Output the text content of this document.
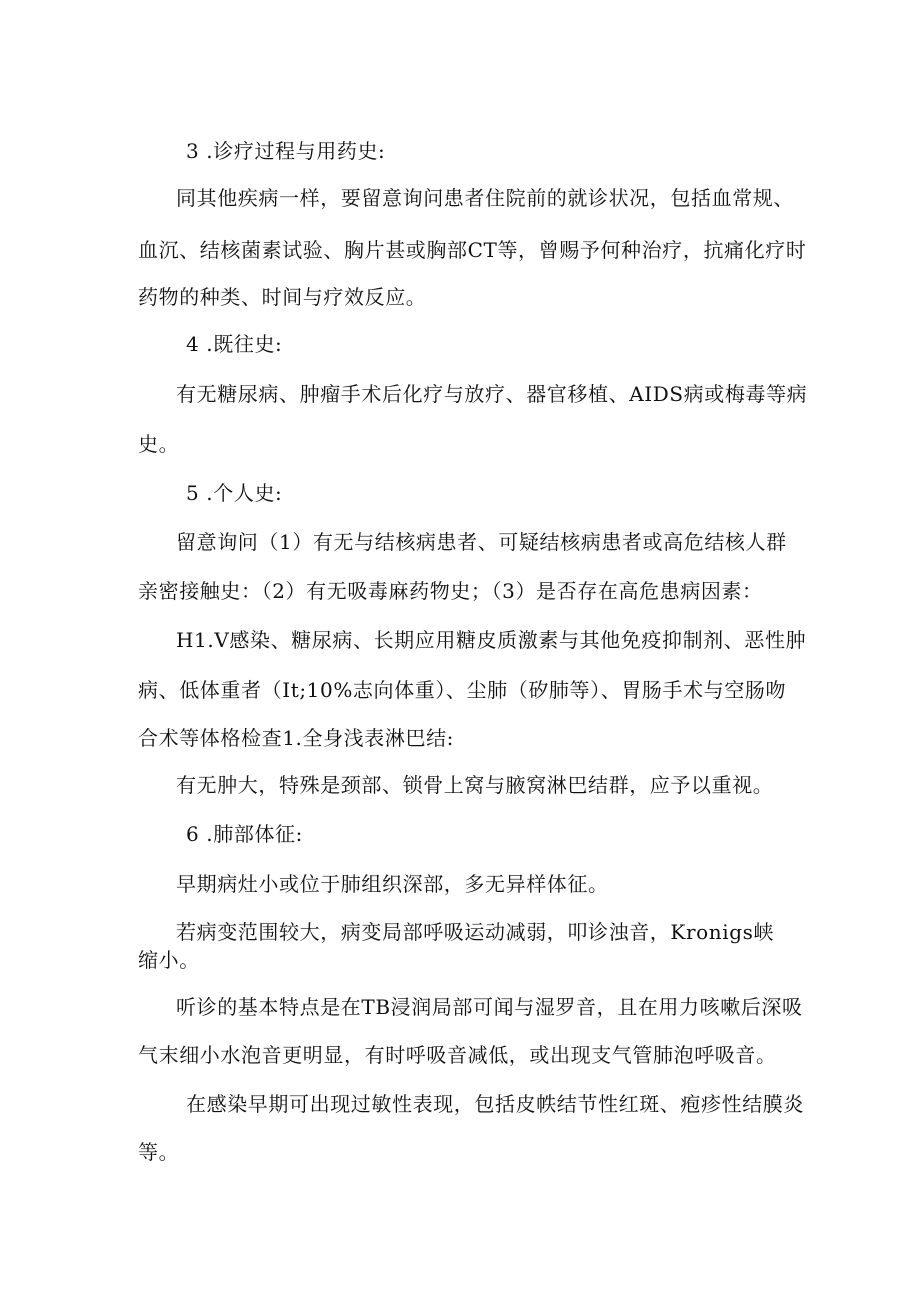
3 .诊疗过程与用药史:
同其他疾病一样，要留意询问患者住院前的就诊状况，包括血常规、
血沉、结核菌素试验、胸片甚或胸部CT等，曾赐予何种治疗，抗痛化疗时
药物的种类、时间与疗效反应。
4 .既往史:
有无糖尿病、肿瘤手术后化疗与放疗、器官移植、AIDS病或梅毒等病
史。
5 .个人史:
留意询问（1）有无与结核病患者、可疑结核病患者或高危结核人群
亲密接触史：（2）有无吸毒麻药物史；（3）是否存在高危患病因素：
H1.V感染、糖尿病、长期应用糖皮质激素与其他免疫抑制剂、恶性肿
病、低体重者（It;10%志向体重）、尘肺（矽肺等）、胃肠手术与空肠吻
合术等体格检查1.全身浅表淋巴结:
有无肿大，特殊是颈部、锁骨上窝与腋窝淋巴结群，应予以重视。
6 .肺部体征:
早期病灶小或位于肺组织深部，多无异样体征。
若病变范围较大，病变局部呼吸运动减弱，叩诊浊音，Kronigs峡
缩小。
听诊的基本特点是在TB浸润局部可闻与湿罗音，且在用力咳嗽后深吸
气末细小水泡音更明显，有时呼吸音减低，或出现支气管肺泡呼吸音。
在感染早期可出现过敏性表现，包括皮帙结节性红斑、疱疹性结膜炎
等。
